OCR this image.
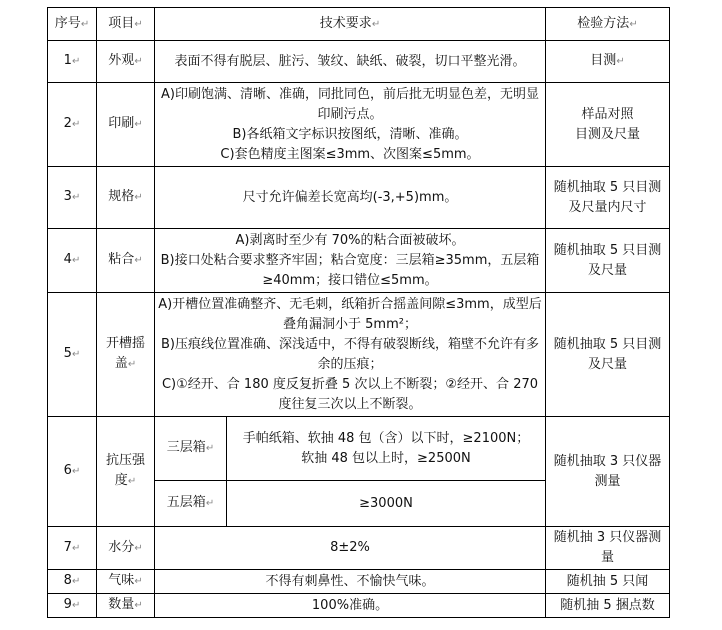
序号↵	项目↵	技术要求↵		检验方法↵
1↵	外观↵	表面不得有脱层、脏污、皱纹、缺纸、破裂，切口平整光滑。		目测↵
2↵	印刷↵	A)印刷饱满、清晰、准确，同批同色，前后批无明显色差，无明显印刷污点。
B)各纸箱文字标识按图纸，清晰、准确。
C)套色精度主图案≤3mm、次图案≤5mm。		样品对照
目测及尺量

3↵	规格↵	尺寸允许偏差长宽高均(-3,+5)mm。		随机抽取 5 只目测及尺量内尺寸

4↵	粘合↵	A)剥离时至少有 70%的粘合面被破坏。
B)接口处粘合要求整齐牢固；粘合宽度：三层箱≥35mm，五层箱≥40mm；接口错位≤5mm。		随机抽取 5 只目测及尺量

5↵	开槽摇盖↵	A)开槽位置准确整齐、无毛刺，纸箱折合摇盖间隙≤3mm，成型后叠角漏洞小于 5mm²；
B)压痕线位置准确、深浅适中，不得有破裂断线，箱壁不允许有多余的压痕；
C)①经开、合 180 度反复折叠 5 次以上不断裂；②经开、合 270 度往复三次以上不断裂。		随机抽取 5 只目测及尺量

6↵	抗压强度↵	三层箱↵	手帕纸箱、软抽 48 包（含）以下时，≥2100N；
软抽 48 包以上时，≥2500N	随机抽取 3 只仪器测量

		五层箱↵	≥3000N	

7↵	水分↵	8±2%		随机抽 3 只仪器测量

8↵	气味↵	不得有刺鼻性、不愉快气味。		随机抽 5 只闻

9↵	数量↵	100%准确。		随机抽 5 捆点数
